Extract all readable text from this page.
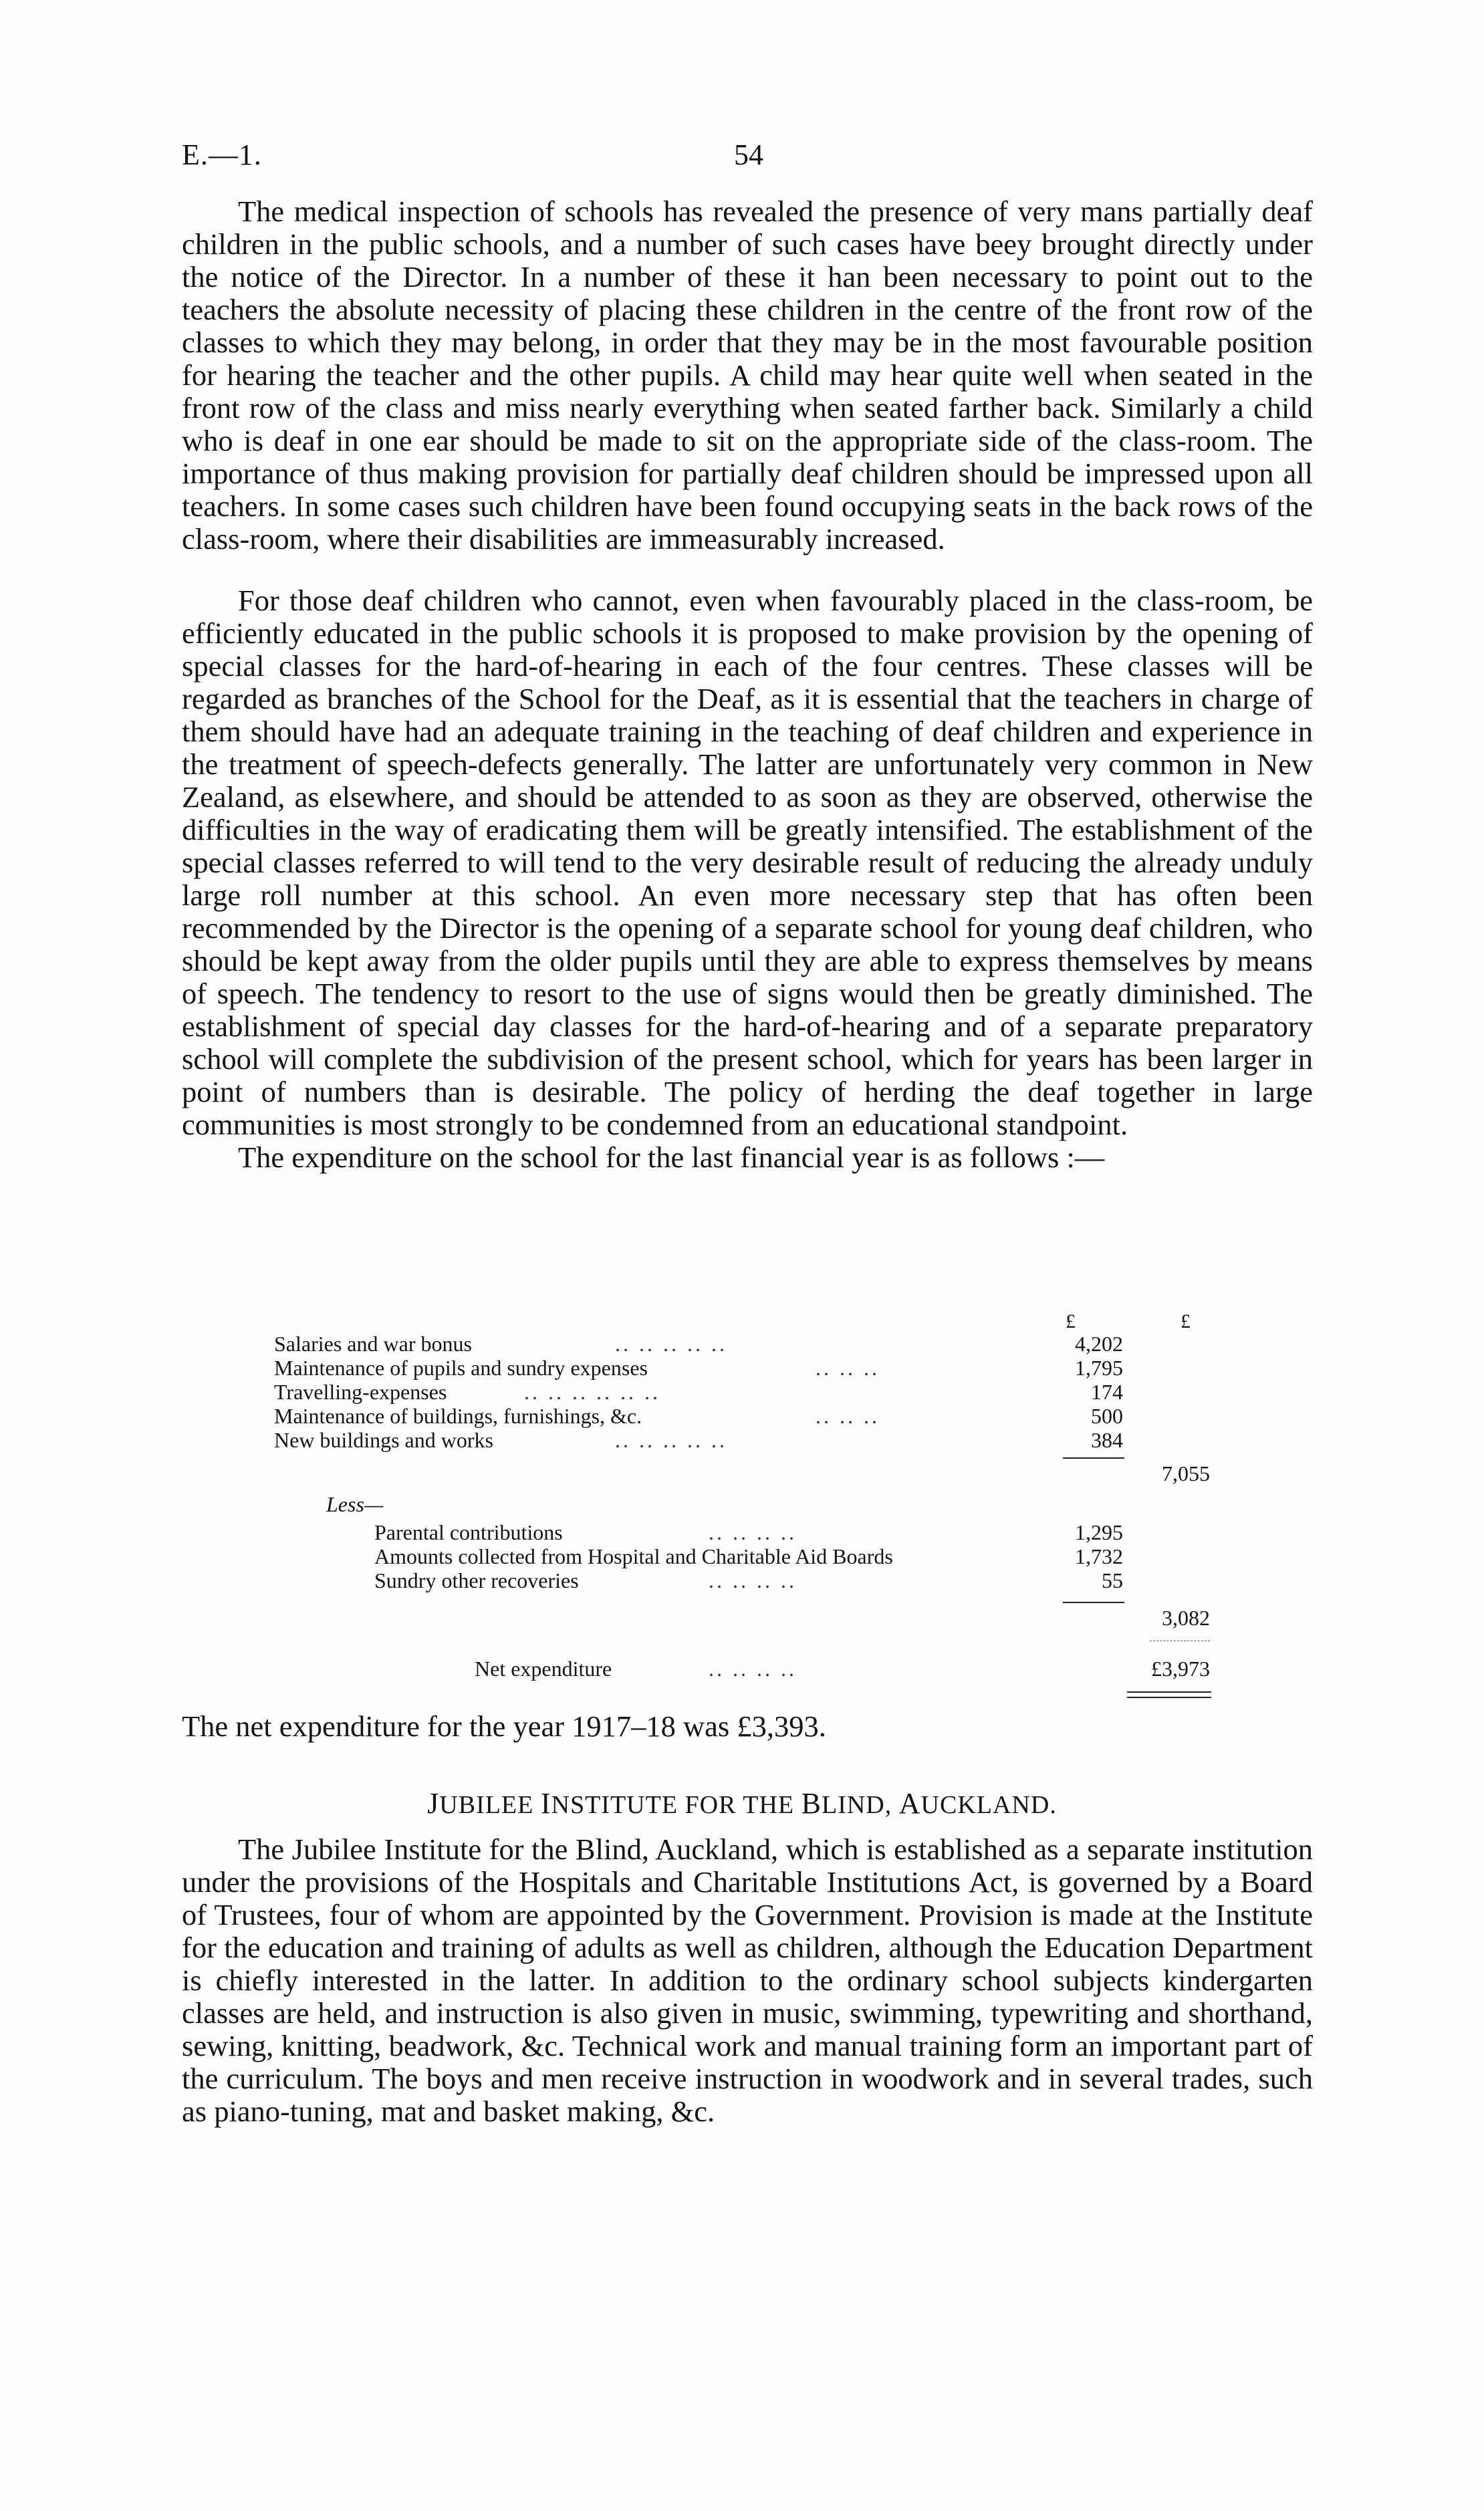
E.—1.	54

The medical inspection of schools has revealed the presence of very mans partially deaf children in the public schools, and a number of such cases have beey brought directly under the notice of the Director. In a number of these it han been necessary to point out to the teachers the absolute necessity of placing these children in the centre of the front row of the classes to which they may belong, in order that they may be in the most favourable position for hearing the teacher and the other pupils. A child may hear quite well when seated in the front row of the class and miss nearly everything when seated farther back. Similarly a child who is deaf in one ear should be made to sit on the appropriate side of the class-room. The importance of thus making provision for partially deaf children should be impressed upon all teachers. In some cases such children have been found occupying seats in the back rows of the class-room, where their disabilities are immeasurably increased.

For those deaf children who cannot, even when favourably placed in the class-room, be efficiently educated in the public schools it is proposed to make provision by the opening of special classes for the hard-of-hearing in each of the four centres. These classes will be regarded as branches of the School for the Deaf, as it is essential that the teachers in charge of them should have had an adequate training in the teaching of deaf children and experience in the treatment of speech-defects generally. The latter are unfortunately very common in New Zealand, as elsewhere, and should be attended to as soon as they are observed, otherwise the difficulties in the way of eradicating them will be greatly intensified. The establishment of the special classes referred to will tend to the very desirable result of reducing the already unduly large roll number at this school. An even more necessary step that has often been recommended by the Director is the opening of a separate school for young deaf children, who should be kept away from the older pupils until they are able to express themselves by means of speech. The tendency to resort to the use of signs would then be greatly diminished. The establishment of special day classes for the hard-of-hearing and of a separate preparatory school will complete the subdivision of the present school, which for years has been larger in point of numbers than is desirable. The policy of herding the deaf together in large communities is most strongly to be condemned from an educational standpoint.

The expenditure on the school for the last financial year is as follows :—

£	£
Salaries and war bonus	.. .. .. .. ..	4,202
Maintenance of pupils and sundry expenses	.. .. ..	1,795
Travelling-expenses	.. .. .. .. .. ..	174
Maintenance of buildings, furnishings, &c.	.. .. ..	500
New buildings and works	.. .. .. .. ..	384
7,055
Less—
Parental contributions	.. .. .. ..	1,295
Amounts collected from Hospital and Charitable Aid Boards	1,732
Sundry other recoveries	.. .. .. ..	55
3,082
Net expenditure	.. .. .. ..	£3,973
The net expenditure for the year 1917–18 was £3,393.
JUBILEE INSTITUTE FOR THE BLIND, AUCKLAND.

The Jubilee Institute for the Blind, Auckland, which is established as a separate institution under the provisions of the Hospitals and Charitable Institutions Act, is governed by a Board of Trustees, four of whom are appointed by the Government. Provision is made at the Institute for the education and training of adults as well as children, although the Education Department is chiefly interested in the latter. In addition to the ordinary school subjects kindergarten classes are held, and instruction is also given in music, swimming, typewriting and shorthand, sewing, knitting, beadwork, &c. Technical work and manual training form an important part of the curriculum. The boys and men receive instruction in woodwork and in several trades, such as piano-tuning, mat and basket making, &c.
